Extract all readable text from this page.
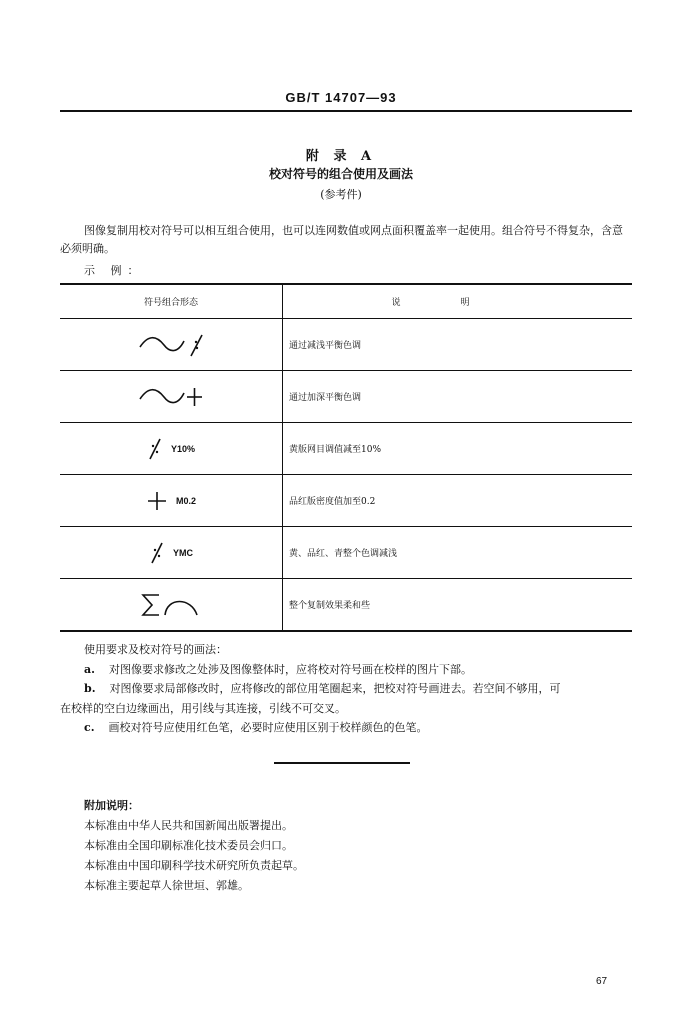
GB/T 14707—93
附 录 A
校对符号的组合使用及画法
(参考件)
图像复制用校对符号可以相互组合使用，也可以连网数值或网点面积覆盖率一起使用。组合符号不得复杂，含意必须明确。
示 例：
符号组合形态	说明

	通过减浅平衡色调

	通过加深平衡色调

Y10%	黄版网目调值减至10%

M0.2	品红版密度值加至0.2

YMC	黄、品红、青整个色调减浅

	整个复制效果柔和些
使用要求及校对符号的画法：
a. 对图像要求修改之处涉及图像整体时，应将校对符号画在校样的图片下部。
b. 对图像要求局部修改时，应将修改的部位用笔圈起来，把校对符号画进去。若空间不够用，可
在校样的空白边缘画出，用引线与其连接，引线不可交叉。
c. 画校对符号应使用红色笔，必要时应使用区别于校样颜色的色笔。
附加说明：
本标准由中华人民共和国新闻出版署提出。
本标准由全国印刷标准化技术委员会归口。
本标准由中国印刷科学技术研究所负责起草。
本标准主要起草人徐世垣、郭雄。
67
